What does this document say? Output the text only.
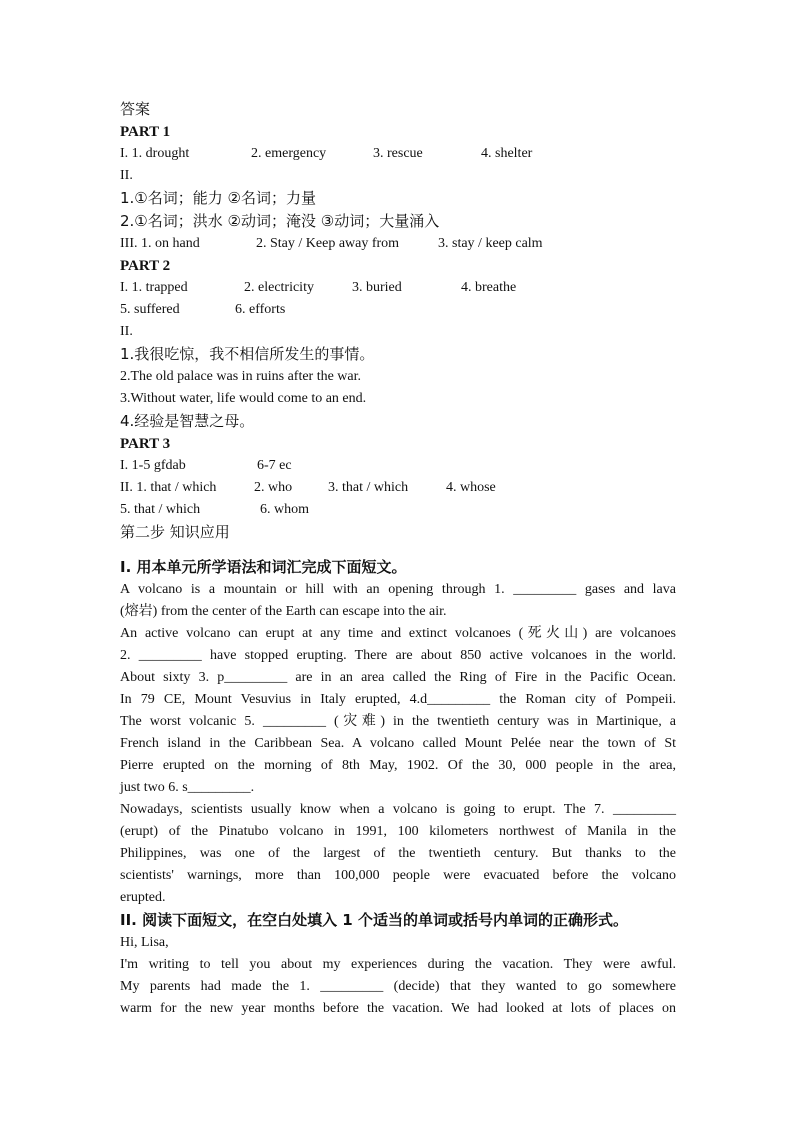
答案

PART 1

I. 1. drought	2. emergency	3. rescue	4. shelter

II.

1.①名词；能力 ②名词；力量

2.①名词；洪水 ②动词；淹没 ③动词；大量涌入

III. 1. on hand	2. Stay / Keep away from	3. stay / keep calm

PART 2

I. 1. trapped	2. electricity	3. buried	4. breathe

5. suffered	6. efforts

II.

1.我很吃惊，我不相信所发生的事情。

2.The old palace was in ruins after the war.

3.Without water, life would come to an end.

4.经验是智慧之母。

PART 3

I. 1-5 gfdab	6-7 ec

II. 1. that / which	2. who	3. that / which	4. whose

5. that / which	6. whom

第二步 知识应用

I. 用本单元所学语法和词汇完成下面短文。

A volcano is a mountain or hill with an opening through 1. _________ gases and lava

(熔岩) from the center of the Earth can escape into the air.

An active volcano can erupt at any time and extinct volcanoes (死火山) are volcanoes

2. _________ have stopped erupting. There are about 850 active volcanoes in the world.

About sixty 3. p_________ are in an area called the Ring of Fire in the Pacific Ocean.

In 79 CE, Mount Vesuvius in Italy erupted, 4.d_________ the Roman city of Pompeii.

The worst volcanic 5. _________ (灾难) in the twentieth century was in Martinique, a

French island in the Caribbean Sea. A volcano called Mount Pelée near the town of St

Pierre erupted on the morning of 8th May, 1902. Of the 30, 000 people in the area,

just two 6. s_________.

Nowadays, scientists usually know when a volcano is going to erupt. The 7. _________

(erupt) of the Pinatubo volcano in 1991, 100 kilometers northwest of Manila in the

Philippines, was one of the largest of the twentieth century. But thanks to the

scientists' warnings, more than 100,000 people were evacuated before the volcano

erupted.

II. 阅读下面短文，在空白处填入 1 个适当的单词或括号内单词的正确形式。

Hi, Lisa,

I'm writing to tell you about my experiences during the vacation. They were awful.

My parents had made the 1. _________ (decide) that they wanted to go somewhere

warm for the new year months before the vacation. We had looked at lots of places on
